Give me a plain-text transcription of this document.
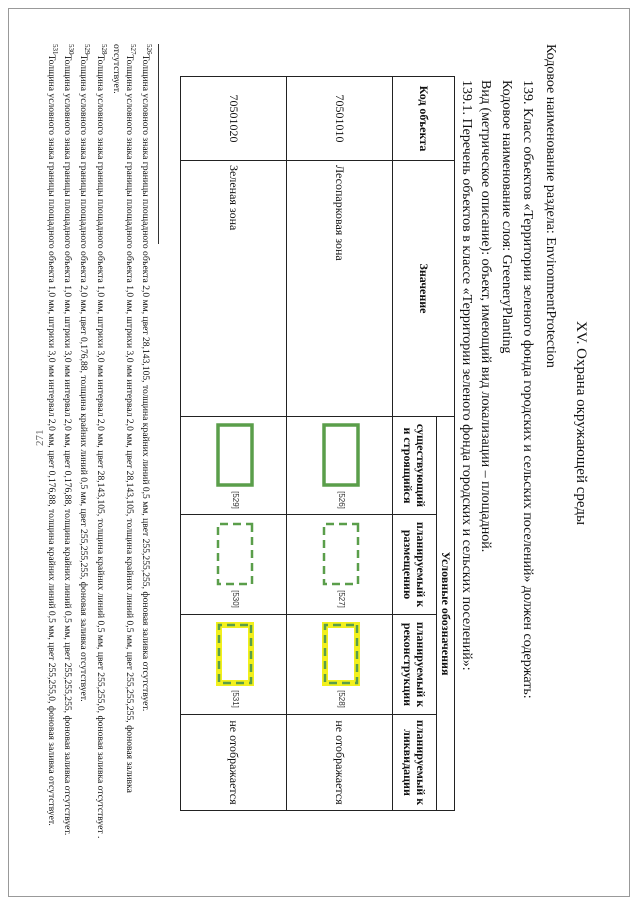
271	XV. Охрана окружающей среды
Кодовое наименование раздела: EnvironmentProtection
139. Класс объектов «Территории зеленого фонда городских и сельских поселений» должен содержать:
Кодовое наименование слоя: GreeneryPlanting
Вид (метрическое описание): объект, имеющий вид локализации – площадной.
139.1. Перечень объектов в классе «Территории зеленого фонда городских и сельских поселений»:
Код объекта	Значение	Условные обозначения			
		существующий и строящийся	планируемый к размещению	планируемый к реконструкции	планируемый к ликвидации
70501010	Лесопарковая зона	[526]	[527]	[528]	не отображается
70501020	Зеленая зона	[529]	[530]	[531]	не отображается
$^{526}$Толщина условного знака границы площадного объекта 2,0 мм, цвет 28,143,105, толщина крайних линий 0,5 мм, цвет 255,255,255, фоновая заливка отсутствует.
$^{527}$Толщина условного знака границы площадного объекта 1,0 мм, штрихи 3,0 мм интервал 2,0 мм, цвет 28,143,105, толщина крайних линий 0,5 мм, цвет 255,255,255, фоновая заливка отсутствует.
$^{528}$Толщина условного знака границы площадного объекта 1,0 мм, штрихи 3,0 мм интервал 2,0 мм, цвет 28,143,105, толщина крайних линий 0,5 мм, цвет 255,255,0, фоновая заливка отсутствует .
$^{529}$Толщина условного знака границы площадного объекта 2,0 мм, цвет 0,176,88, толщина крайних линий 0,5 мм, цвет 255,255,255, фоновая заливка отсутствует.
$^{530}$Толщина условного знака границы площадного объекта 1,0 мм, штрихи 3,0 мм интервал 2,0 мм, цвет 0,176,88, толщина крайних линий 0,5 мм, цвет 255,255,255, фоновая заливка отсутствует.
$^{531}$Толщина условного знака границы площадного объекта 1,0 мм, штрихи 3,0 мм интервал 2,0 мм, цвет 0,176,88, толщина крайних линий 0,5 мм, цвет 255,255,0, фоновая заливка отсутствует.
